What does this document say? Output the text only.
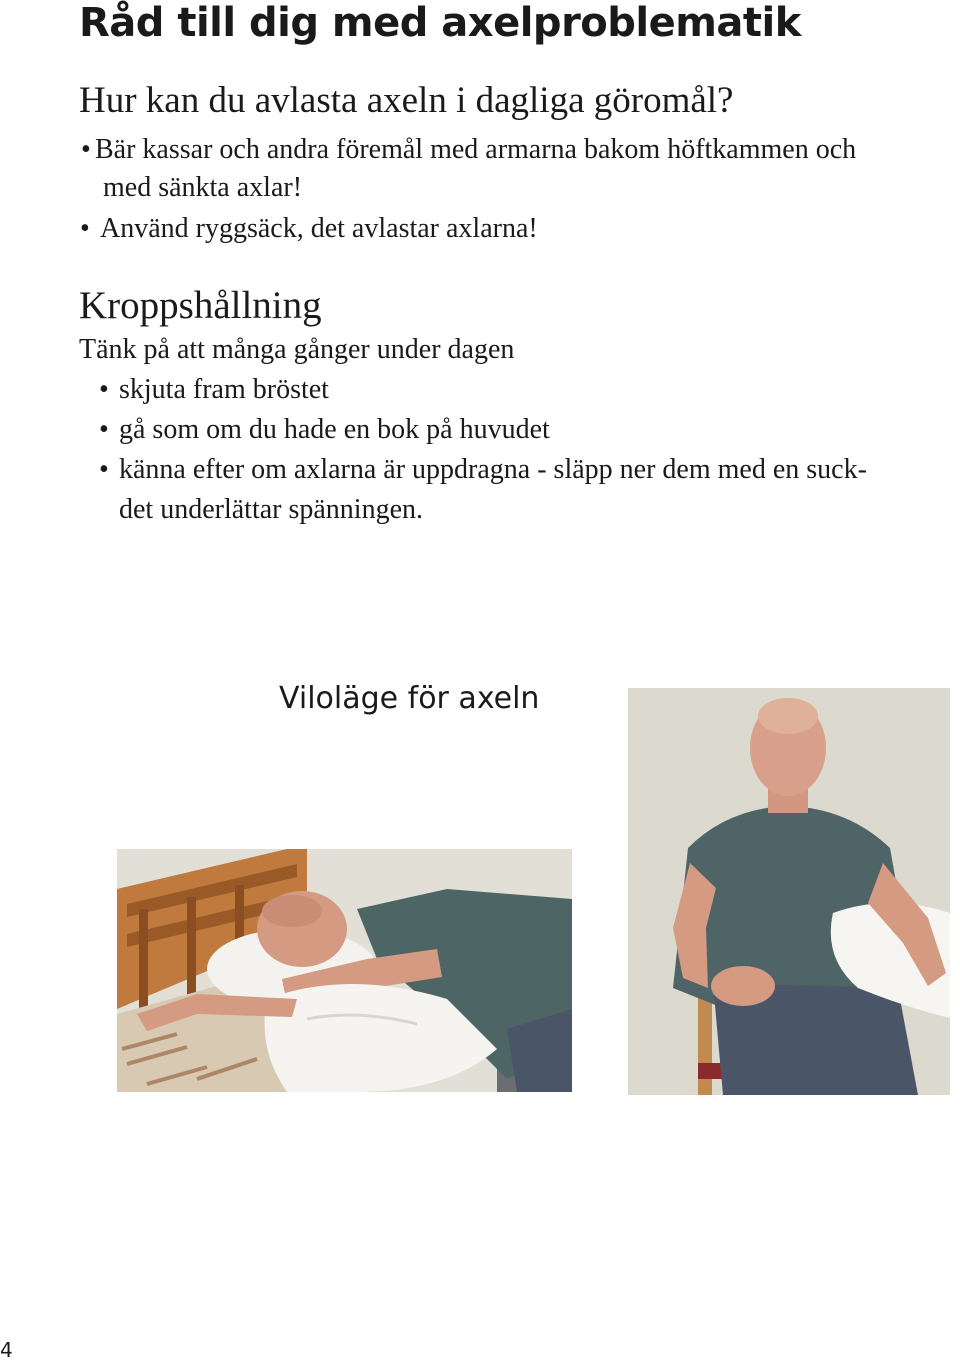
Råd till dig med axelproblematik
Hur kan du avlasta axeln i dagliga göromål?
• Bär kassar och andra föremål med armarna bakom höftkammen och
med sänkta axlar!
• Använd ryggsäck, det avlastar axlarna!
Kroppshållning
Tänk på att många gånger under dagen
• skjuta fram bröstet
• gå som om du hade en bok på huvudet
• känna efter om axlarna är uppdragna - släpp ner dem med en suck-
det underlättar spänningen.
Viloläge för axeln
4
